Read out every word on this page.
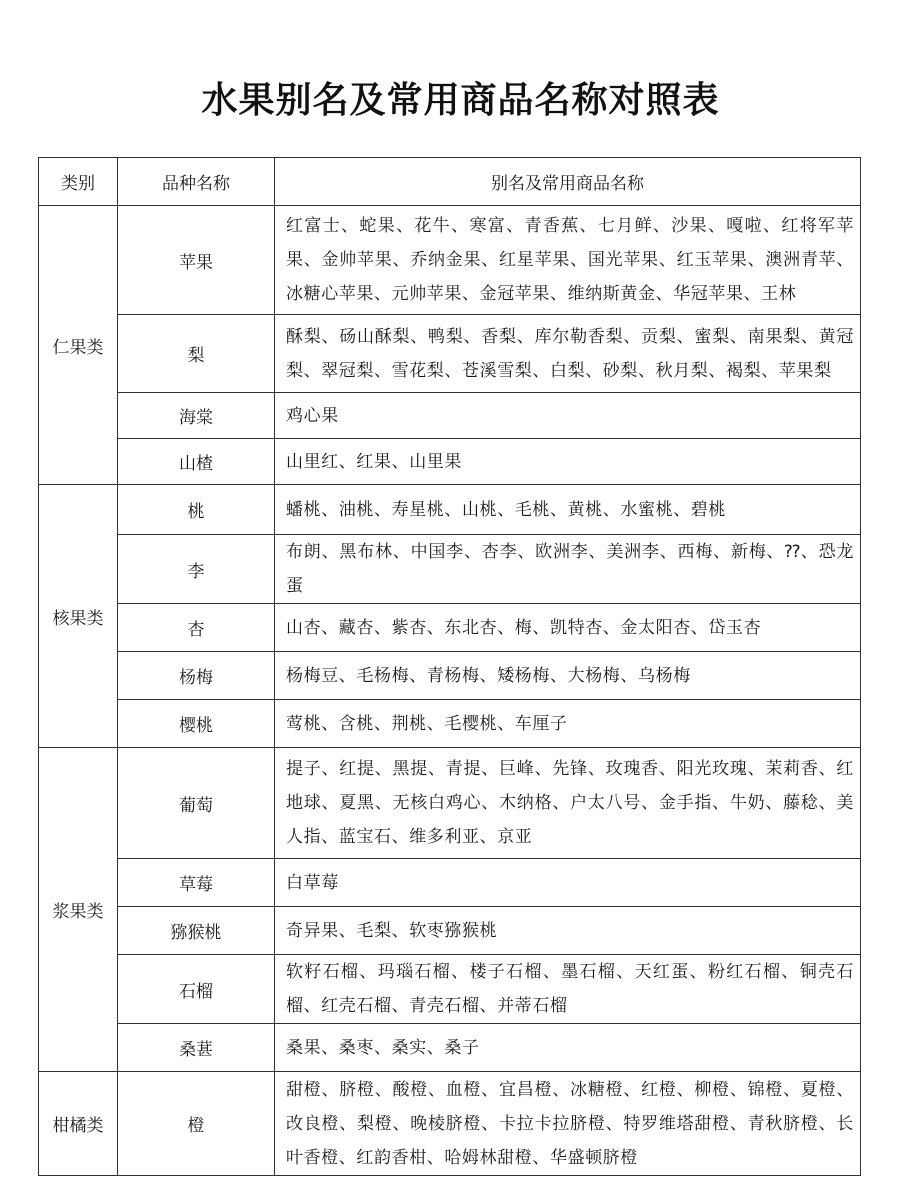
水果别名及常用商品名称对照表
类别	品种名称	别名及常用商品名称
仁果类	苹果	红富士、蛇果、花牛、寒富、青香蕉、七月鲜、沙果、嘎啦、红将军苹果、金帅苹果、乔纳金果、红星苹果、国光苹果、红玉苹果、澳洲青苹、冰糖心苹果、元帅苹果、金冠苹果、维纳斯黄金、华冠苹果、王林
	梨	酥梨、砀山酥梨、鸭梨、香梨、库尔勒香梨、贡梨、蜜梨、南果梨、黄冠梨、翠冠梨、雪花梨、苍溪雪梨、白梨、砂梨、秋月梨、褐梨、苹果梨
	海棠	鸡心果
	山楂	山里红、红果、山里果
核果类	桃	蟠桃、油桃、寿星桃、山桃、毛桃、黄桃、水蜜桃、碧桃
	李	布朗、黑布林、中国李、杏李、欧洲李、美洲李、西梅、新梅、⁇、恐龙蛋
	杏	山杏、藏杏、紫杏、东北杏、梅、凯特杏、金太阳杏、岱玉杏
	杨梅	杨梅豆、毛杨梅、青杨梅、矮杨梅、大杨梅、乌杨梅
	樱桃	莺桃、含桃、荆桃、毛樱桃、车厘子
浆果类	葡萄	提子、红提、黑提、青提、巨峰、先锋、玫瑰香、阳光玫瑰、茉莉香、红地球、夏黑、无核白鸡心、木纳格、户太八号、金手指、牛奶、藤稔、美人指、蓝宝石、维多利亚、京亚
	草莓	白草莓
	猕猴桃	奇异果、毛梨、软枣猕猴桃
	石榴	软籽石榴、玛瑙石榴、楼子石榴、墨石榴、天红蛋、粉红石榴、铜壳石榴、红壳石榴、青壳石榴、并蒂石榴
	桑葚	桑果、桑枣、桑实、桑子
柑橘类	橙	甜橙、脐橙、酸橙、血橙、宜昌橙、冰糖橙、红橙、柳橙、锦橙、夏橙、改良橙、梨橙、晚棱脐橙、卡拉卡拉脐橙、特罗维塔甜橙、青秋脐橙、长叶香橙、红韵香柑、哈姆林甜橙、华盛顿脐橙
